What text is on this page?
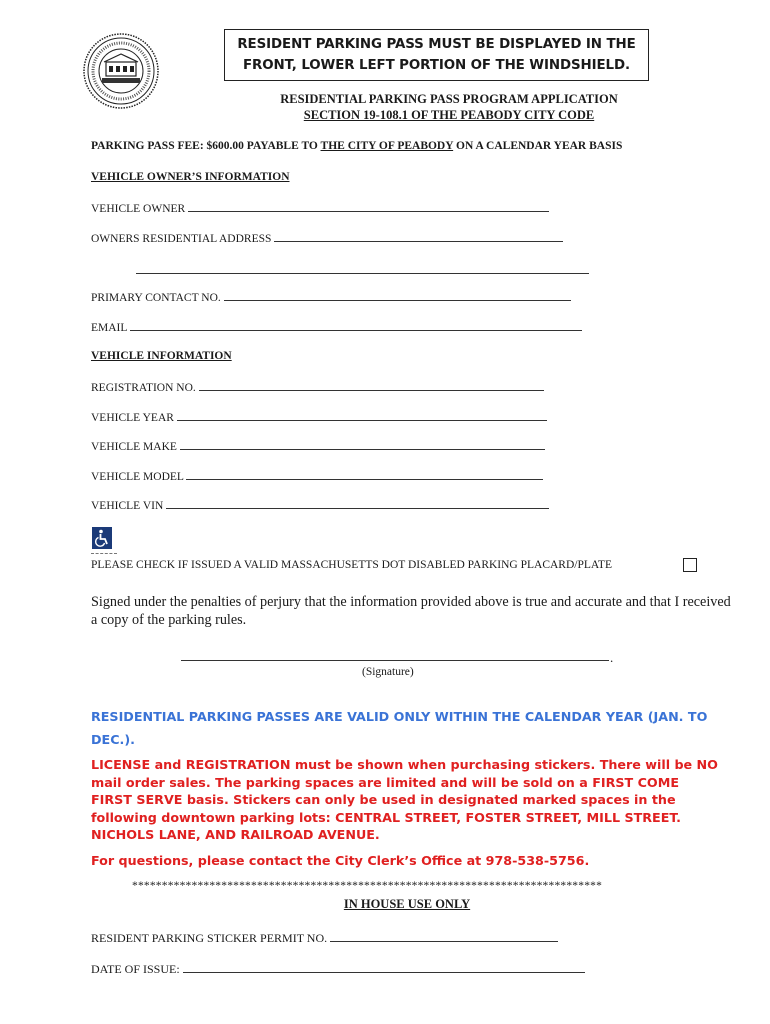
RESIDENT PARKING PASS MUST BE DISPLAYED IN THE
FRONT, LOWER LEFT PORTION OF THE WINDSHIELD.
RESIDENTIAL PARKING PASS PROGRAM APPLICATION
SECTION 19-108.1 OF THE PEABODY CITY CODE
PARKING PASS FEE: $600.00 PAYABLE TO THE CITY OF PEABODY ON A CALENDAR YEAR BASIS
VEHICLE OWNER’S INFORMATION
VEHICLE OWNER
OWNERS RESIDENTIAL ADDRESS
PRIMARY CONTACT NO.
EMAIL
VEHICLE INFORMATION
REGISTRATION NO.
VEHICLE YEAR
VEHICLE MAKE
VEHICLE MODEL
VEHICLE VIN
PLEASE CHECK IF ISSUED A VALID MASSACHUSETTS DOT DISABLED PARKING PLACARD/PLATE
Signed under the penalties of perjury that the information provided above is true and accurate and that I received a copy of the parking rules.
.
(Signature)
RESIDENTIAL PARKING PASSES ARE VALID ONLY WITHIN THE CALENDAR YEAR (JAN. TO DEC.).
LICENSE and REGISTRATION must be shown when purchasing stickers. There will be NO mail order sales. The parking spaces are limited and will be sold on a FIRST COME FIRST SERVE basis. Stickers can only be used in designated marked spaces in the following downtown parking lots: CENTRAL STREET, FOSTER STREET, MILL STREET. NICHOLS LANE, AND RAILROAD AVENUE.
For questions, please contact the City Clerk’s Office at 978-538-5756.
*******************************************************************************
IN HOUSE USE ONLY
RESIDENT PARKING STICKER PERMIT NO.
DATE OF ISSUE:
